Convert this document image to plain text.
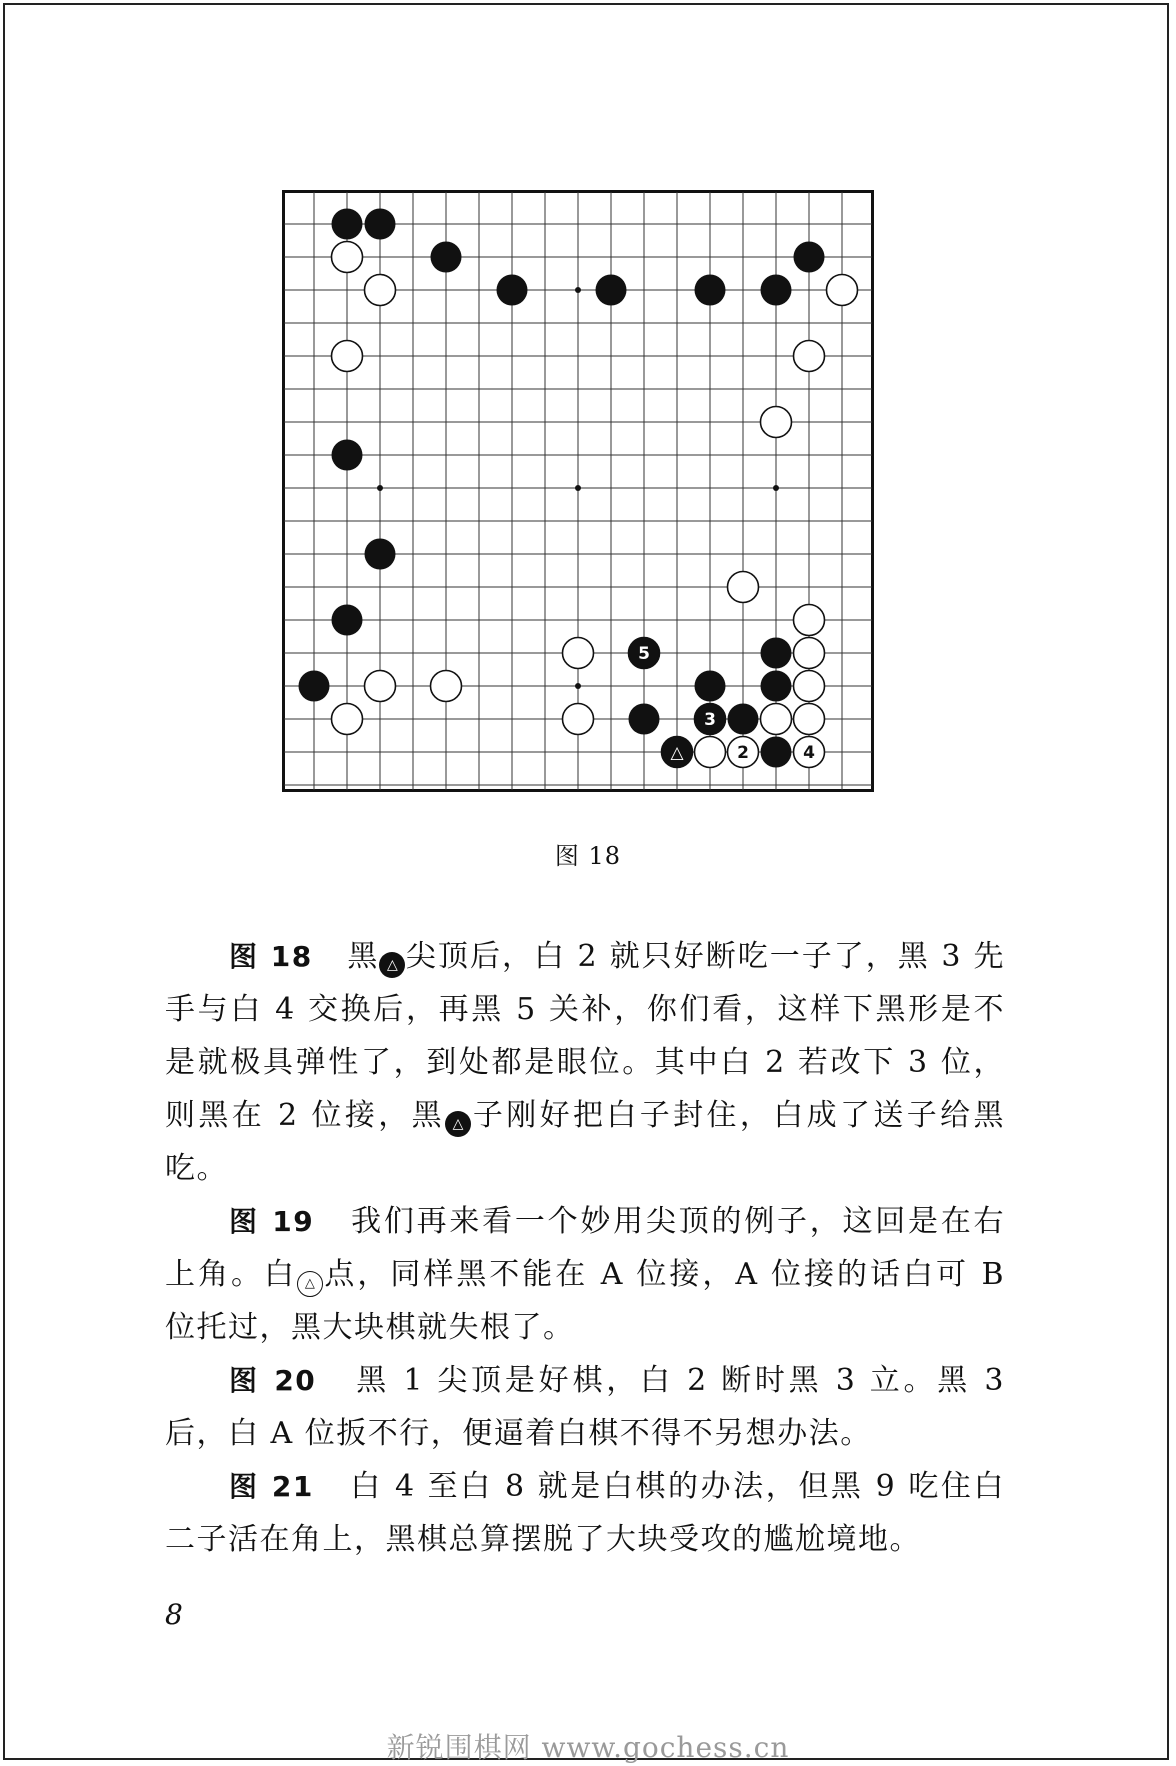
5
3
△	2	4
图 18

图 18 黑 △ 尖顶后，白 2 就只好断吃一子了，黑 3 先手与白 4 交换后，再黑 5 关补，你们看，这样下黑形是不是就极具弹性了，到处都是眼位。其中白 2 若改下 3 位，则黑在 2 位接，黑 △ 子刚好把白子封住，白成了送子给黑吃。

图 19 我们再来看一个妙用尖顶的例子，这回是在右上角。白 △ 点，同样黑不能在 A 位接，A 位接的话白可 B 位托过，黑大块棋就失根了。

图 20 黑 1 尖顶是好棋，白 2 断时黑 3 立。黑 3 后，白 A 位扳不行，便逼着白棋不得不另想办法。

图 21 白 4 至白 8 就是白棋的办法，但黑 9 吃住白二子活在角上，黑棋总算摆脱了大块受攻的尴尬境地。

8
新锐围棋网 www.gochess.cn
